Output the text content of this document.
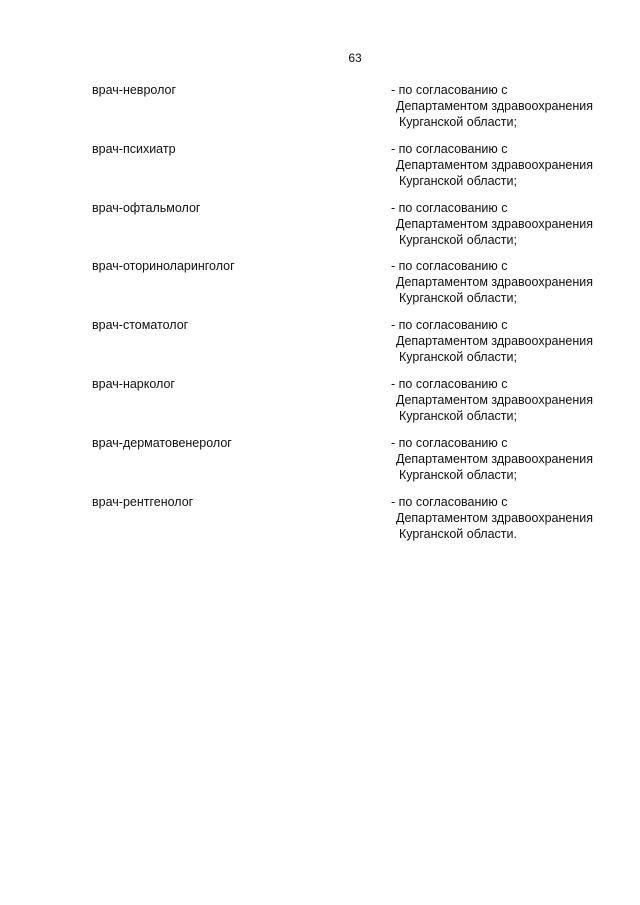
63
врач-невролог	- по согласованию с
Департаментом здравоохранения
Курганской области;
врач-психиатр	- по согласованию с
Департаментом здравоохранения
Курганской области;
врач-офтальмолог	- по согласованию с
Департаментом здравоохранения
Курганской области;
врач-оториноларинголог	- по согласованию с
Департаментом здравоохранения
Курганской области;
врач-стоматолог	- по согласованию с
Департаментом здравоохранения
Курганской области;
врач-нарколог	- по согласованию с
Департаментом здравоохранения
Курганской области;
врач-дерматовенеролог	- по согласованию с
Департаментом здравоохранения
Курганской области;
врач-рентгенолог	- по согласованию с
Департаментом здравоохранения
Курганской области.
